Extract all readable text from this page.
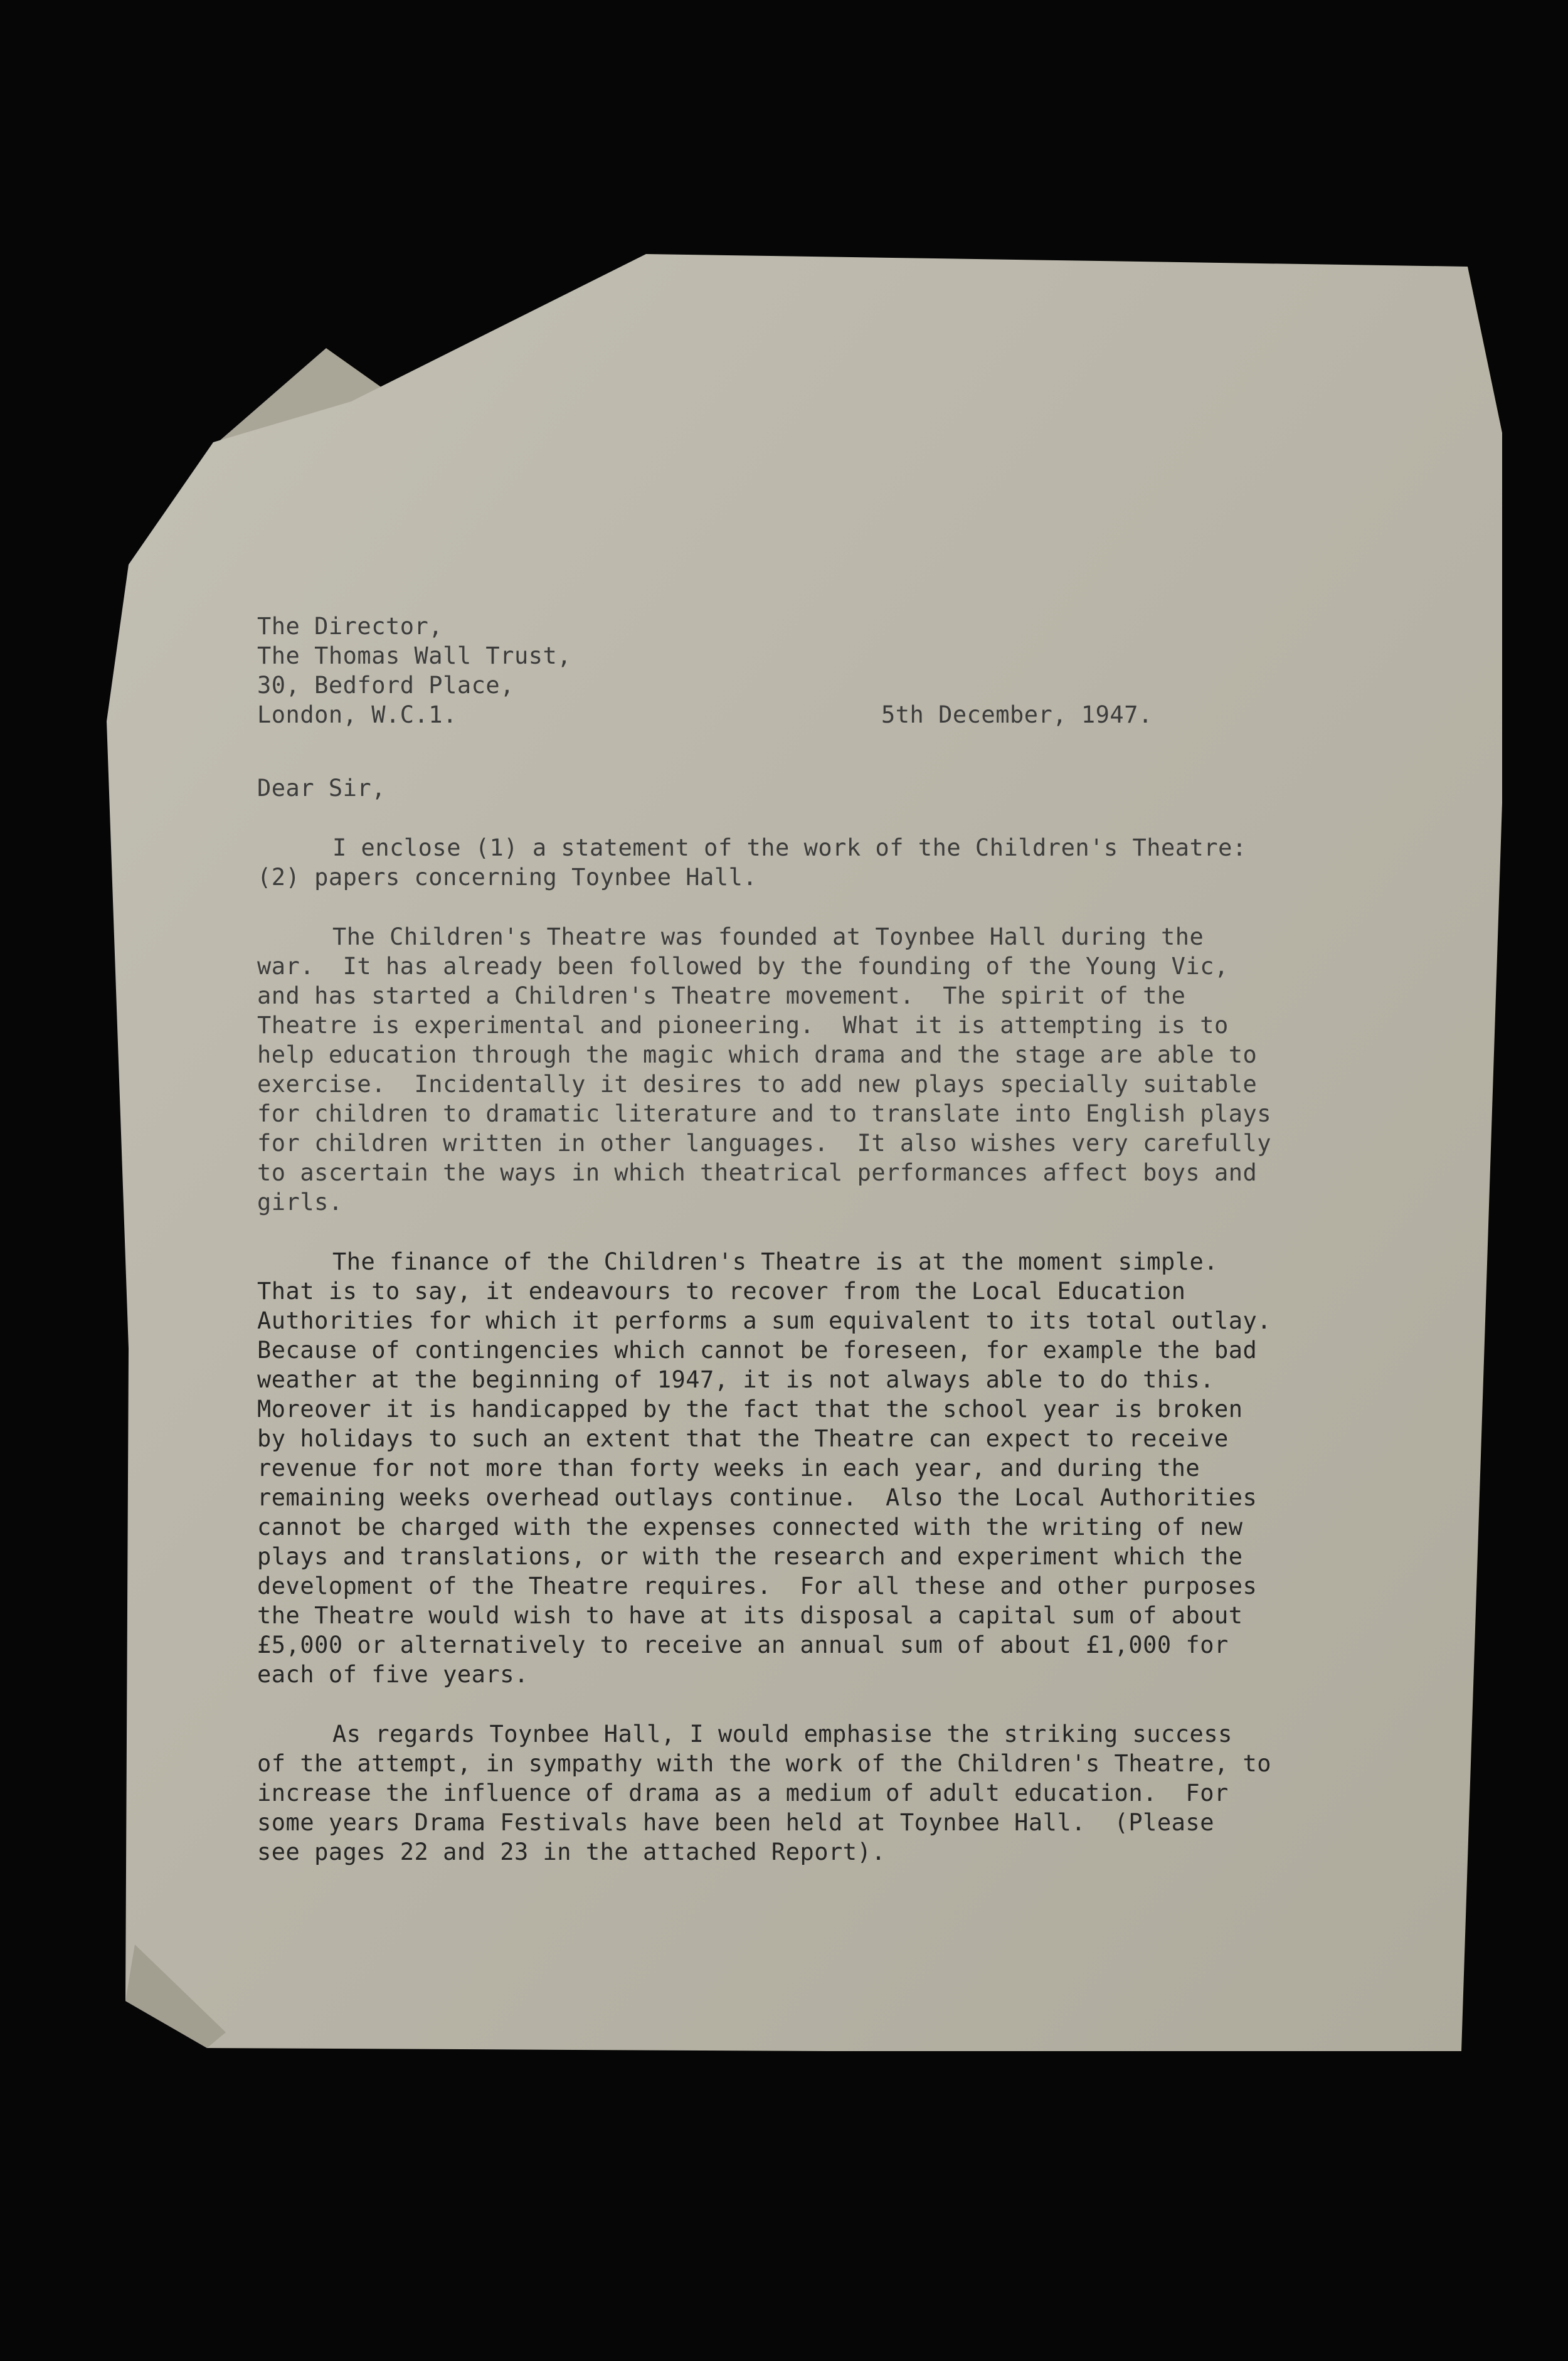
The Director,
The Thomas Wall Trust,
30, Bedford Place,
London, W.C.1.	5th December, 1947.
Dear Sir,
I enclose (1) a statement of the work of the Children's Theatre:
(2) papers concerning Toynbee Hall.
The Children's Theatre was founded at Toynbee Hall during the
war.  It has already been followed by the founding of the Young Vic,
and has started a Children's Theatre movement.  The spirit of the
Theatre is experimental and pioneering.  What it is attempting is to
help education through the magic which drama and the stage are able to
exercise.  Incidentally it desires to add new plays specially suitable
for children to dramatic literature and to translate into English plays
for children written in other languages.  It also wishes very carefully
to ascertain the ways in which theatrical performances affect boys and
girls.
The finance of the Children's Theatre is at the moment simple.
That is to say, it endeavours to recover from the Local Education
Authorities for which it performs a sum equivalent to its total outlay.
Because of contingencies which cannot be foreseen, for example the bad
weather at the beginning of 1947, it is not always able to do this.
Moreover it is handicapped by the fact that the school year is broken
by holidays to such an extent that the Theatre can expect to receive
revenue for not more than forty weeks in each year, and during the
remaining weeks overhead outlays continue.  Also the Local Authorities
cannot be charged with the expenses connected with the writing of new
plays and translations, or with the research and experiment which the
development of the Theatre requires.  For all these and other purposes
the Theatre would wish to have at its disposal a capital sum of about
£5,000 or alternatively to receive an annual sum of about £1,000 for
each of five years.
As regards Toynbee Hall, I would emphasise the striking success
of the attempt, in sympathy with the work of the Children's Theatre, to
increase the influence of drama as a medium of adult education.  For
some years Drama Festivals have been held at Toynbee Hall.  (Please
see pages 22 and 23 in the attached Report).
